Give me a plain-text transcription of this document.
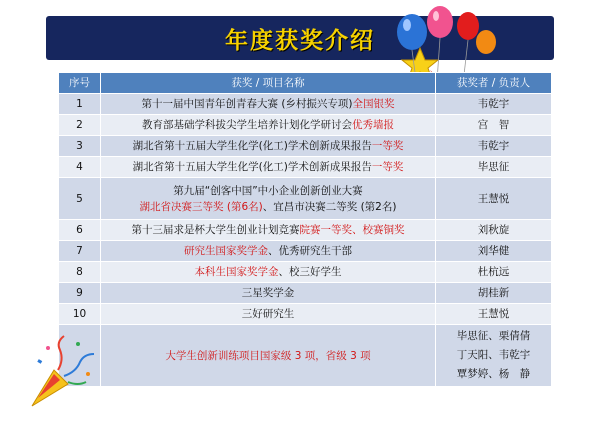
年度获奖介绍
序号	获奖 / 项目名称	获奖者 / 负责人
1	第十一届中国青年创青春大赛 (乡村振兴专项)全国银奖	韦乾宇
2	教育部基础学科拔尖学生培养计划化学研讨会优秀墙报	宫　智
3	湖北省第十五届大学生化学(化工)学术创新成果报告一等奖	韦乾宇
4	湖北省第十五届大学生化学(化工)学术创新成果报告一等奖	毕思征
5	第九届“创客中国”中小企业创新创业大赛
湖北省决赛三等奖 (第6名)、宜昌市决赛二等奖 (第2名)	王慧悦
6	第十三届求是杯大学生创业计划竞赛院赛一等奖、校赛铜奖	刘秋旋
7	研究生国家奖学金、优秀研究生干部	刘华健
8	本科生国家奖学金、校三好学生	杜杭远
9	三星奖学金	胡桂新
10	三好研究生	王慧悦
	大学生创新训练项目国家级 3 项，省级 3 项	毕思征、栗倩倩
丁天阳、韦乾宇
覃梦婷、杨　静
